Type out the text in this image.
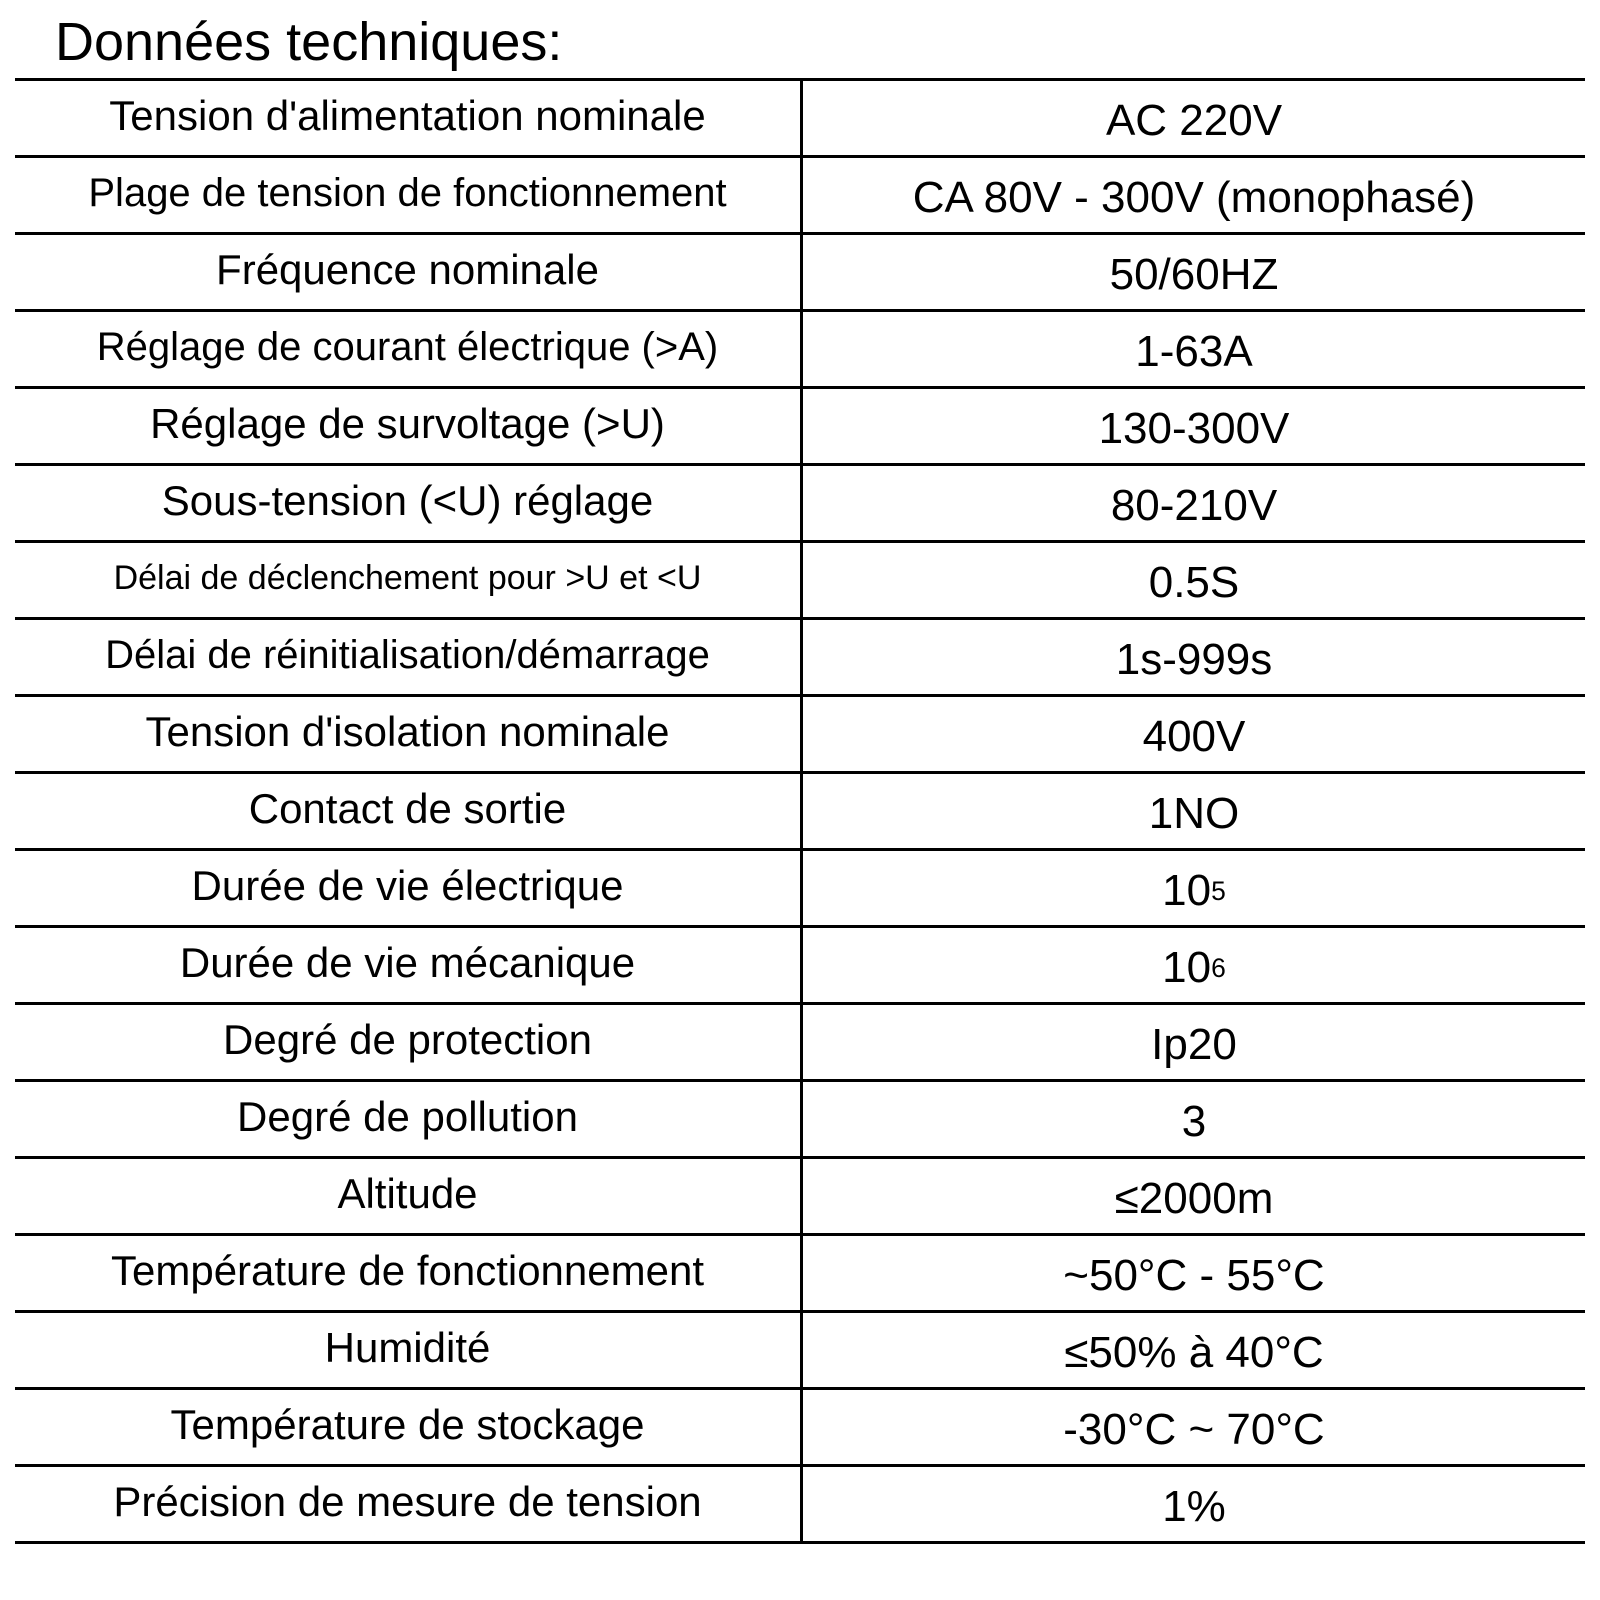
Données techniques:
Tension d'alimentation nominale	AC 220V
Plage de tension de fonctionnement	CA 80V - 300V (monophasé)
Fréquence nominale	50/60HZ
Réglage de courant électrique (>A)	1-63A
Réglage de survoltage (>U)	130-300V
Sous-tension (<U) réglage	80-210V
Délai de déclenchement pour >U et <U	0.5S
Délai de réinitialisation/démarrage	1s-999s
Tension d'isolation nominale	400V
Contact de sortie	1NO
Durée de vie électrique	10 5
Durée de vie mécanique	10 6
Degré de protection	Ip20
Degré de pollution	3
Altitude	≤2000m
Température de fonctionnement	~50°C - 55°C
Humidité	≤50% à 40°C
Température de stockage	-30°C ~ 70°C
Précision de mesure de tension	1%
